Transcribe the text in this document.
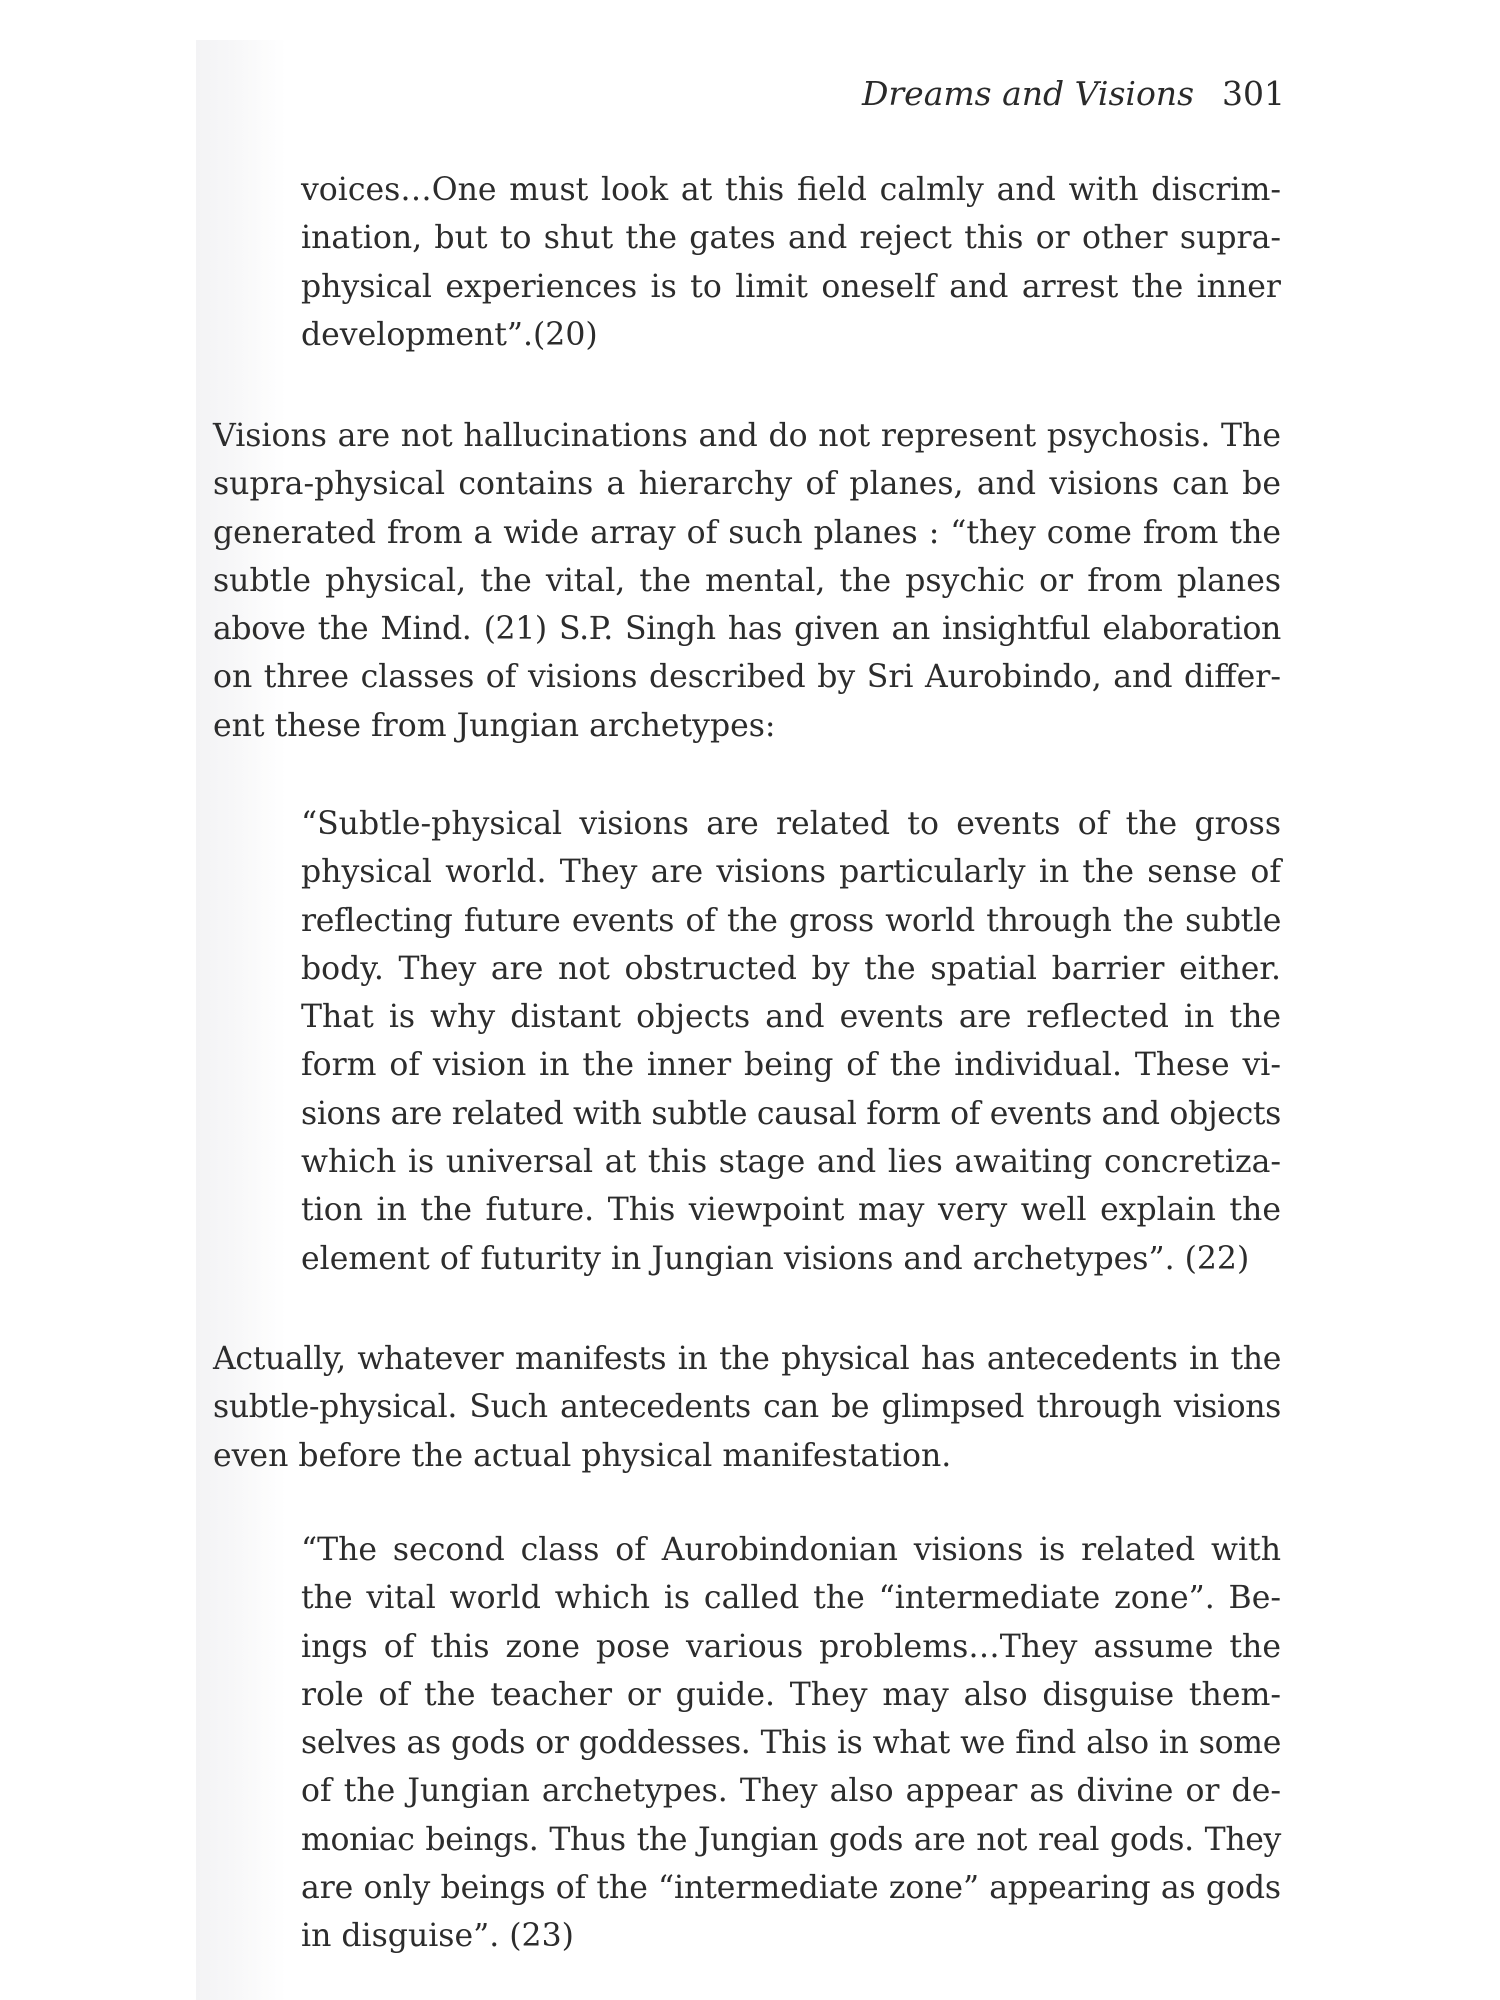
Dreams and Visions 301
voices…One must look at this field calmly and with discrim-
ination, but to shut the gates and reject this or other supra-
physical experiences is to limit oneself and arrest the inner
development”.(20)
Visions are not hallucinations and do not represent psychosis. The
supra-physical contains a hierarchy of planes, and visions can be
generated from a wide array of such planes : “they come from the
subtle physical, the vital, the mental, the psychic or from planes
above the Mind. (21) S.P. Singh has given an insightful elaboration
on three classes of visions described by Sri Aurobindo, and differ-
ent these from Jungian archetypes:
“Subtle-physical visions are related to events of the gross
physical world. They are visions particularly in the sense of
reflecting future events of the gross world through the subtle
body. They are not obstructed by the spatial barrier either.
That is why distant objects and events are reflected in the
form of vision in the inner being of the individual. These vi-
sions are related with subtle causal form of events and objects
which is universal at this stage and lies awaiting concretiza-
tion in the future. This viewpoint may very well explain the
element of futurity in Jungian visions and archetypes”. (22)
Actually, whatever manifests in the physical has antecedents in the
subtle-physical. Such antecedents can be glimpsed through visions
even before the actual physical manifestation.
“The second class of Aurobindonian visions is related with
the vital world which is called the “intermediate zone”. Be-
ings of this zone pose various problems…They assume the
role of the teacher or guide. They may also disguise them-
selves as gods or goddesses. This is what we find also in some
of the Jungian archetypes. They also appear as divine or de-
moniac beings. Thus the Jungian gods are not real gods. They
are only beings of the “intermediate zone” appearing as gods
in disguise”. (23)
